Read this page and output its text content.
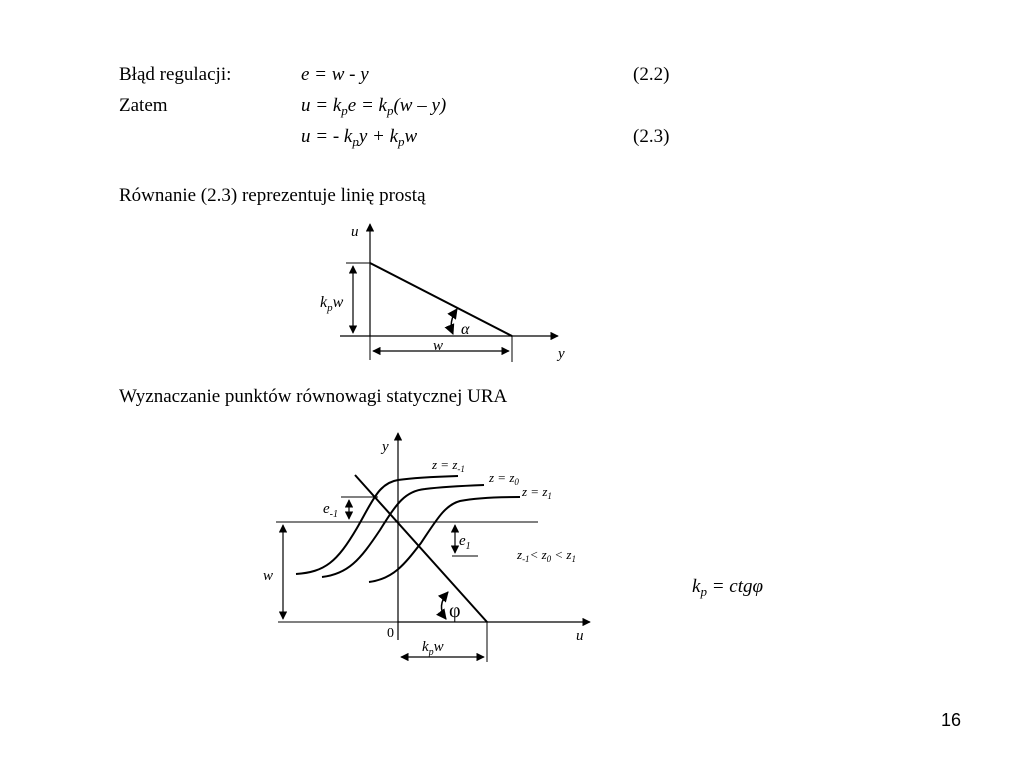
Błąd regulacji:	e = w - y	(2.2)
Zatem	$u = k_pe = k_p(w - y)$
u = - $k_py + k_pw$	(2.3)
Równanie (2.3) reprezentuje linię prostą
Wyznaczanie punktów równowagi statycznej URA
$k_p = ctg\varphi$
16
u
y
$k_pw$
w
α
y
u
0
$z = z_{-1}$
$z = z_0$
$z = z_1$
$e_{-1}$
$e_1$
w
$z_{-1}< z_0 < z_1$
φ
$k_pw$
